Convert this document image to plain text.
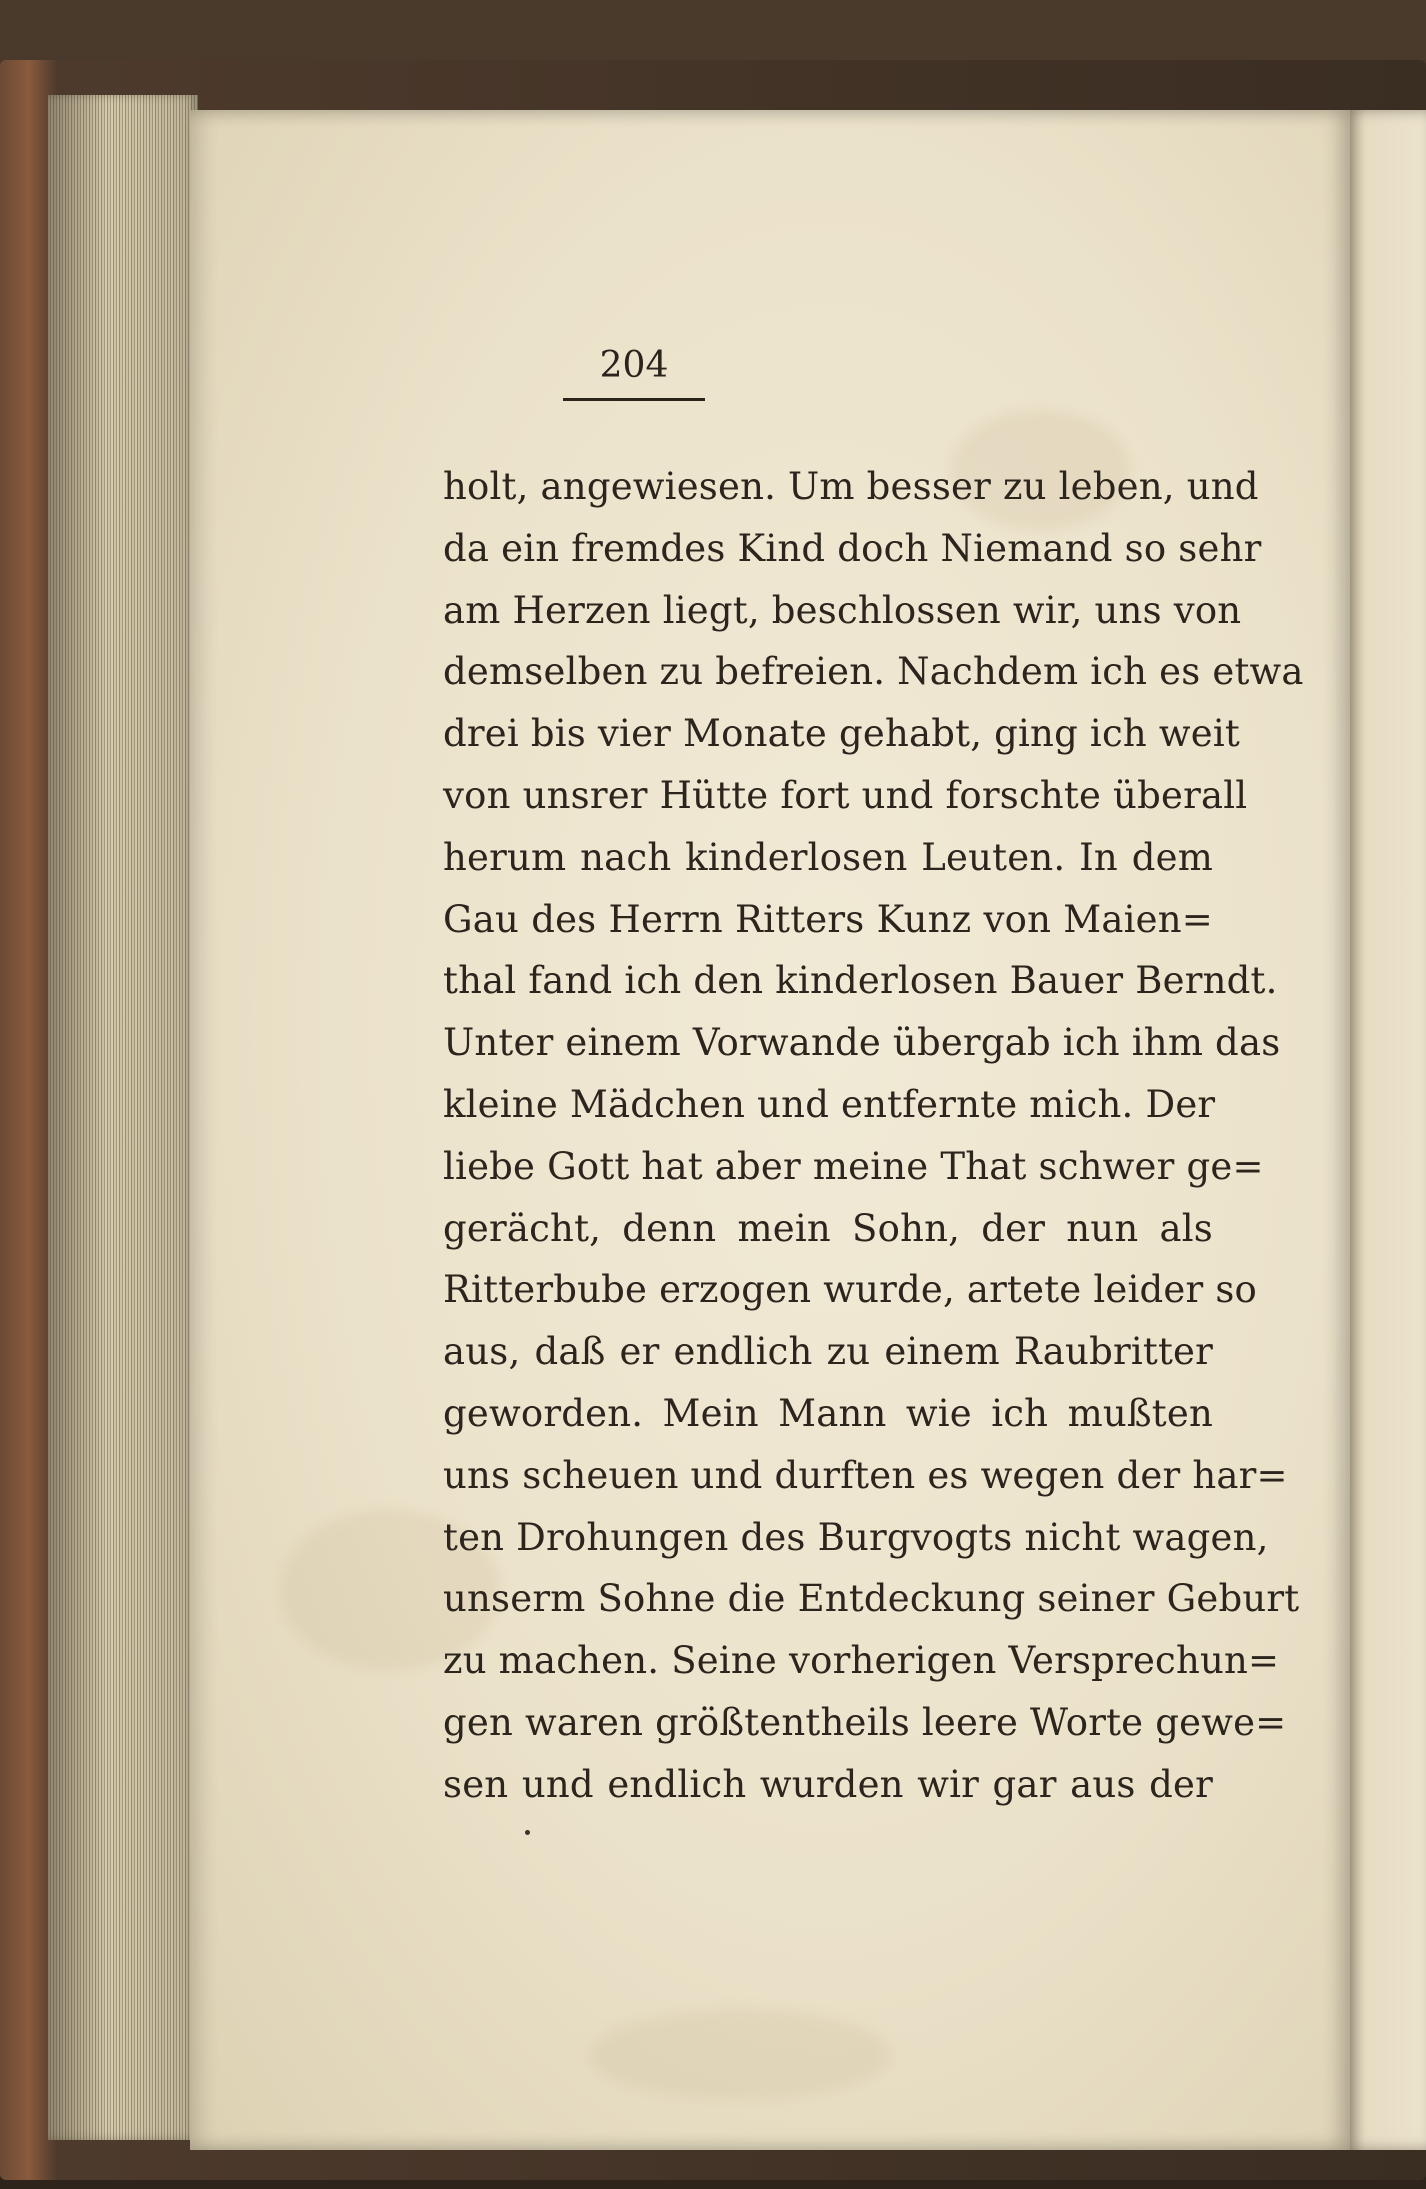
204

holt, angewiesen. Um besser zu leben, und
da ein fremdes Kind doch Niemand so sehr
am Herzen liegt, beschlossen wir, uns von
demselben zu befreien. Nachdem ich es etwa
drei bis vier Monate gehabt, ging ich weit
von unsrer Hütte fort und forschte überall
herum nach kinderlosen Leuten. In dem
Gau des Herrn Ritters Kunz von Maien=
thal fand ich den kinderlosen Bauer Berndt.
Unter einem Vorwande übergab ich ihm das
kleine Mädchen und entfernte mich. Der
liebe Gott hat aber meine That schwer ge=
gerächt, denn mein Sohn, der nun als
Ritterbube erzogen wurde, artete leider so
aus, daß er endlich zu einem Raubritter
geworden. Mein Mann wie ich mußten
uns scheuen und durften es wegen der har=
ten Drohungen des Burgvogts nicht wagen,
unserm Sohne die Entdeckung seiner Geburt
zu machen. Seine vorherigen Versprechun=
gen waren größtentheils leere Worte gewe=
sen und endlich wurden wir gar aus der
